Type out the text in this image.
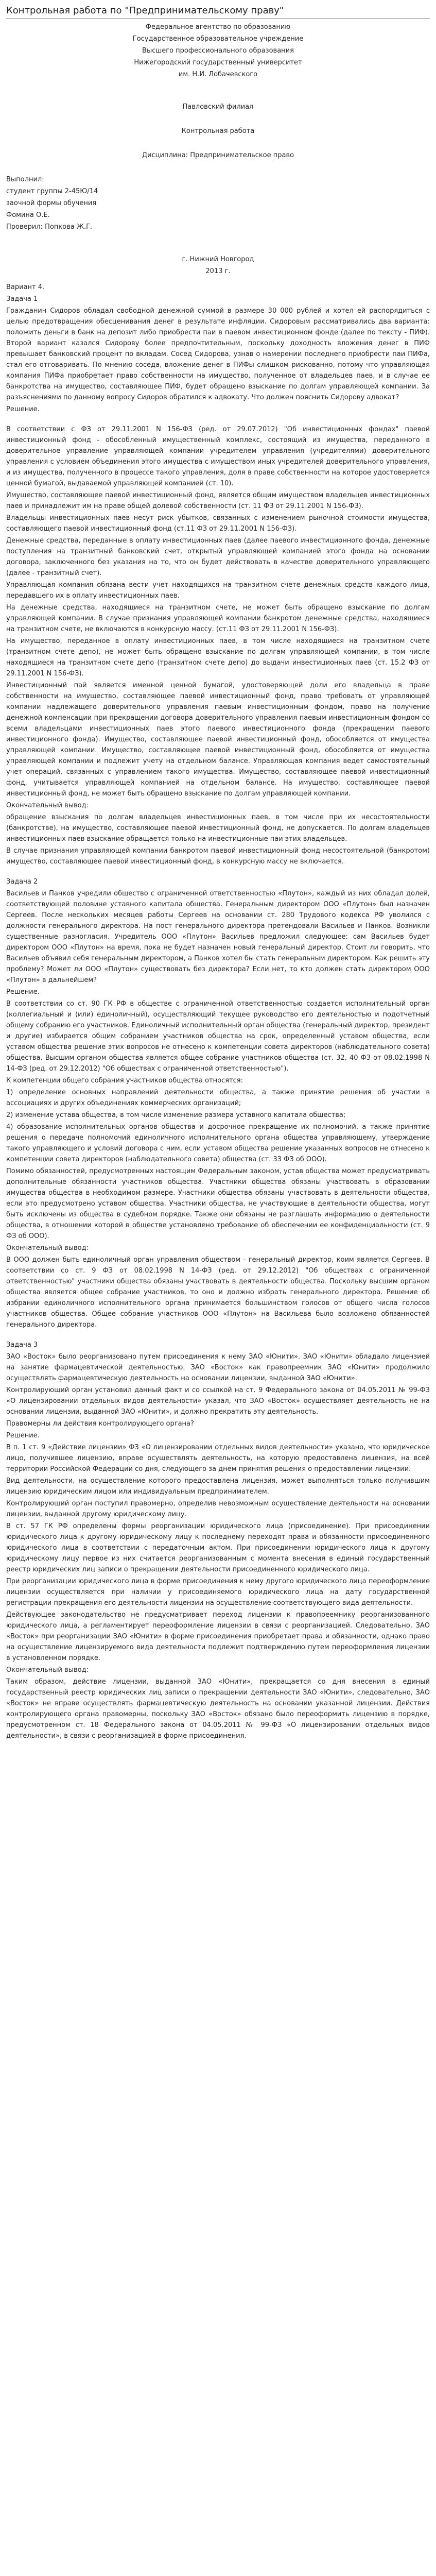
Контрольная работа по "Предпринимательскому праву"

Федеральное агентство по образованию

Государственное образовательное учреждение

Высшего профессионального образования

Нижегородский государственный университет

им. Н.И. Лобачевского

Павловский филиал

Контрольная работа

Дисциплина: Предпринимательское право

Выполнил:

студент группы 2-45Ю/14

заочной формы обучения

Фомина О.Е.

Проверил: Попкова Ж.Г.

г. Нижний Новгород

2013 г.

Вариант 4.

Задача 1

Гражданин Сидоров обладал свободной денежной суммой в размере 30 000 рублей и хотел ей распорядиться с целью предотвращения обесценивания денег в результате инфляции. Сидоровым рассматривались два варианта: положить деньги в банк на депозит либо приобрести паи в паевом инвестиционном фонде (далее по тексту - ПИФ). Второй вариант казался Сидорову более предпочтительным, поскольку доходность вложения денег в ПИФ превышает банковский процент по вкладам. Сосед Сидорова, узнав о намерении последнего приобрести паи ПИФа, стал его отговаривать. По мнению соседа, вложение денег в ПИФы слишком рискованно, потому что управляющая компания ПИФа приобретает право собственности на имущество, полученное от владельцев паев, и в случае ее банкротства на имущество, составляющее ПИФ, будет обращено взыскание по долгам управляющей компании. За разъяснениями по данному вопросу Сидоров обратился к адвокату. Что должен пояснить Сидорову адвокат?

Решение.

В соответствии с ФЗ от 29.11.2001 N 156-ФЗ (ред. от 29.07.2012) "Об инвестиционных фондах" паевой инвестиционный фонд - обособленный имущественный комплекс, состоящий из имущества, переданного в доверительное управление управляющей компании учредителем управления (учредителями) доверительного управления с условием объединения этого имущества с имуществом иных учредителей доверительного управления, и из имущества, полученного в процессе такого управления, доля в праве собственности на которое удостоверяется ценной бумагой, выдаваемой управляющей компанией (ст. 10).

Имущество, составляющее паевой инвестиционный фонд, является общим имуществом владельцев инвестиционных паев и принадлежит им на праве общей долевой собственности (ст. 11 ФЗ от 29.11.2001 N 156-ФЗ).

Владельцы инвестиционных паев несут риск убытков, связанных с изменением рыночной стоимости имущества, составляющего паевой инвестиционный фонд (ст.11 ФЗ от 29.11.2001 N 156-ФЗ).

Денежные средства, переданные в оплату инвестиционных паев (далее паевого инвестиционного фонда, денежные поступления на транзитный банковский счет, открытый управляющей компанией этого фонда на основании договора, заключенного без указания на то, что он будет действовать в качестве доверительного управляющего (далее - транзитный счет).

Управляющая компания обязана вести учет находящихся на транзитном счете денежных средств каждого лица, передавшего их в оплату инвестиционных паев.

На денежные средства, находящиеся на транзитном счете, не может быть обращено взыскание по долгам управляющей компании. В случае признания управляющей компании банкротом денежные средства, находящиеся на транзитном счете, не включаются в конкурсную массу. (ст.11 ФЗ от 29.11.2001 N 156-ФЗ).

На имущество, переданное в оплату инвестиционных паев, в том числе находящиеся на транзитном счете (транзитном счете депо), не может быть обращено взыскание по долгам управляющей компании, в том числе находящиеся на транзитном счете депо (транзитном счете депо) до выдачи инвестиционных паев (ст. 15.2 ФЗ от 29.11.2001 N 156-ФЗ).

Инвестиционный пай является именной ценной бумагой, удостоверяющей доли его владельца в праве собственности на имущество, составляющее паевой инвестиционный фонд, право требовать от управляющей компании надлежащего доверительного управления паевым инвестиционным фондом, право на получение денежной компенсации при прекращении договора доверительного управления паевым инвестиционным фондом со всеми владельцами инвестиционных паев этого паевого инвестиционного фонда (прекращении паевого инвестиционного фонда). Имущество, составляющее паевой инвестиционный фонд, обособляется от имущества управляющей компании. Имущество, составляющее паевой инвестиционный фонд, обособляется от имущества управляющей компании и подлежит учету на отдельном балансе. Управляющая компания ведет самостоятельный учет операций, связанных с управлением такого имущества. Имущество, составляющее паевой инвестиционный фонд, учитывается управляющей компанией на отдельном балансе. На имущество, составляющее паевой инвестиционный фонд, не может быть обращено взыскание по долгам управляющей компании.

Окончательный вывод:

обращение взыскания по долгам владельцев инвестиционных паев, в том числе при их несостоятельности (банкротстве), на имущество, составляющее паевой инвестиционный фонд, не допускается. По долгам владельцев инвестиционных паев взыскание обращается только на инвестиционные паи этих владельцев.

В случае признания управляющей компании банкротом паевой инвестиционный фонд несостоятельной (банкротом) имущество, составляющее паевой инвестиционный фонд, в конкурсную массу не включается.

Задача 2

Васильев и Панков учредили общество с ограниченной ответственностью «Плутон», каждый из них обладал долей, соответствующей половине уставного капитала общества. Генеральным директором ООО «Плутон» был назначен Сергеев. После нескольких месяцев работы Сергеев на основании ст. 280 Трудового кодекса РФ уволился с должности генерального директора. На пост генерального директора претендовали Васильев и Панков. Возникли существенные разногласия. Учредитель ООО «Плутон» Васильев предложил следующее: сам Васильев будет директором ООО «Плутон» на время, пока не будет назначен новый генеральный директор. Стоит ли говорить, что Васильев объявил себя генеральным директором, а Панков хотел бы стать генеральным директором. Как решить эту проблему? Может ли ООО «Плутон» существовать без директора? Если нет, то кто должен стать директором ООО «Плутон» в дальнейшем?

Решение.

В соответствии со ст. 90 ГК РФ в обществе с ограниченной ответственностью создается исполнительный орган (коллегиальный и (или) единоличный), осуществляющий текущее руководство его деятельностью и подотчетный общему собранию его участников. Единоличный исполнительный орган общества (генеральный директор, президент и другие) избирается общим собранием участников общества на срок, определенный уставом общества, если уставом общества решение этих вопросов не отнесено к компетенции совета директоров (наблюдательного совета) общества. Высшим органом общества является общее собрание участников общества (ст. 32, 40 ФЗ от 08.02.1998 N 14-ФЗ (ред. от 29.12.2012) "Об обществах с ограниченной ответственностью").

К компетенции общего собрания участников общества относятся:

1) определение основных направлений деятельности общества, а также принятие решения об участии в ассоциациях и других объединениях коммерческих организаций;

2) изменение устава общества, в том числе изменение размера уставного капитала общества;

4) образование исполнительных органов общества и досрочное прекращение их полномочий, а также принятие решения о передаче полномочий единоличного исполнительного органа общества управляющему, утверждение такого управляющего и условий договора с ним, если уставом общества решение указанных вопросов не отнесено к компетенции совета директоров (наблюдательного совета) общества (ст. 33 ФЗ об ООО).

Помимо обязанностей, предусмотренных настоящим Федеральным законом, устав общества может предусматривать дополнительные обязанности участников общества. Участники общества обязаны участвовать в образовании имущества общества в необходимом размере. Участники общества обязаны участвовать в деятельности общества, если это предусмотрено уставом общества. Участники общества, не участвующие в деятельности общества, могут быть исключены из общества в судебном порядке. Также они обязаны не разглашать информацию о деятельности общества, в отношении которой в обществе установлено требование об обеспечении ее конфиденциальности (ст. 9 ФЗ об ООО).

Окончательный вывод:

В ООО должен быть единоличный орган управления обществом - генеральный директор, коим является Сергеев. В соответствии со ст. 9 ФЗ от 08.02.1998 N 14-ФЗ (ред. от 29.12.2012) "Об обществах с ограниченной ответственностью" участники общества обязаны участвовать в деятельности общества. Поскольку высшим органом общества является общее собрание участников, то оно и должно избрать генерального директора. Решение об избрании единоличного исполнительного органа принимается большинством голосов от общего числа голосов участников общества. Общее собрание участников ООО «Плутон» на Васильева было возложено обязанностей генерального директора.

Задача 3

ЗАО «Восток» было реорганизовано путем присоединения к нему ЗАО «Юнити». ЗАО «Юнити» обладало лицензией на занятие фармацевтической деятельностью. ЗАО «Восток» как правопреемник ЗАО «Юнити» продолжило осуществлять фармацевтическую деятельность на основании лицензии, выданной ЗАО «Юнити».

Контролирующий орган установил данный факт и со ссылкой на ст. 9 Федерального закона от 04.05.2011 № 99-ФЗ «О лицензировании отдельных видов деятельности» указал, что ЗАО «Восток» осуществляет деятельность не на основании лицензии, выданной ЗАО «Юнити», и должно прекратить эту деятельность.

Правомерны ли действия контролирующего органа?

Решение.

В п. 1 ст. 9 «Действие лицензии» ФЗ «О лицензировании отдельных видов деятельности» указано, что юридическое лицо, получившее лицензию, вправе осуществлять деятельность, на которую предоставлена лицензия, на всей территории Российской Федерации со дня, следующего за днем принятия решения о предоставлении лицензии.

Вид деятельности, на осуществление которого предоставлена лицензия, может выполняться только получившим лицензию юридическим лицом или индивидуальным предпринимателем.

Контролирующий орган поступил правомерно, определив невозможным осуществление деятельности на основании лицензии, выданной другому юридическому лицу.

В ст. 57 ГК РФ определены формы реорганизации юридического лица (присоединение). При присоединении юридического лица к другому юридическому лицу к последнему переходят права и обязанности присоединенного юридического лица в соответствии с передаточным актом. При присоединении юридического лица к другому юридическому лицу первое из них считается реорганизованным с момента внесения в единый государственный реестр юридических лиц записи о прекращении деятельности присоединенного юридического лица.

При реорганизации юридического лица в форме присоединения к нему другого юридического лица переоформление лицензии осуществляется при наличии у присоединяемого юридического лица на дату государственной регистрации прекращения его деятельности лицензии на осуществление соответствующего вида деятельности.

Действующее законодательство не предусматривает переход лицензии к правопреемнику реорганизованного юридического лица, а регламентирует переоформление лицензии в связи с реорганизацией. Следовательно, ЗАО «Восток» при реорганизации ЗАО «Юнити» в форме присоединения приобретает права и обязанности, однако право на осуществление лицензируемого вида деятельности подлежит подтверждению путем переоформления лицензии в установленном порядке.

Окончательный вывод:

Таким образом, действие лицензии, выданной ЗАО «Юнити», прекращается со дня внесения в единый государственный реестр юридических лиц записи о прекращении деятельности ЗАО «Юнити», следовательно, ЗАО «Восток» не вправе осуществлять фармацевтическую деятельность на основании указанной лицензии. Действия контролирующего органа правомерны, поскольку ЗАО «Восток» обязано было переоформить лицензию в порядке, предусмотренном ст. 18 Федерального закона от 04.05.2011 № 99-ФЗ «О лицензировании отдельных видов деятельности», в связи с реорганизацией в форме присоединения.
